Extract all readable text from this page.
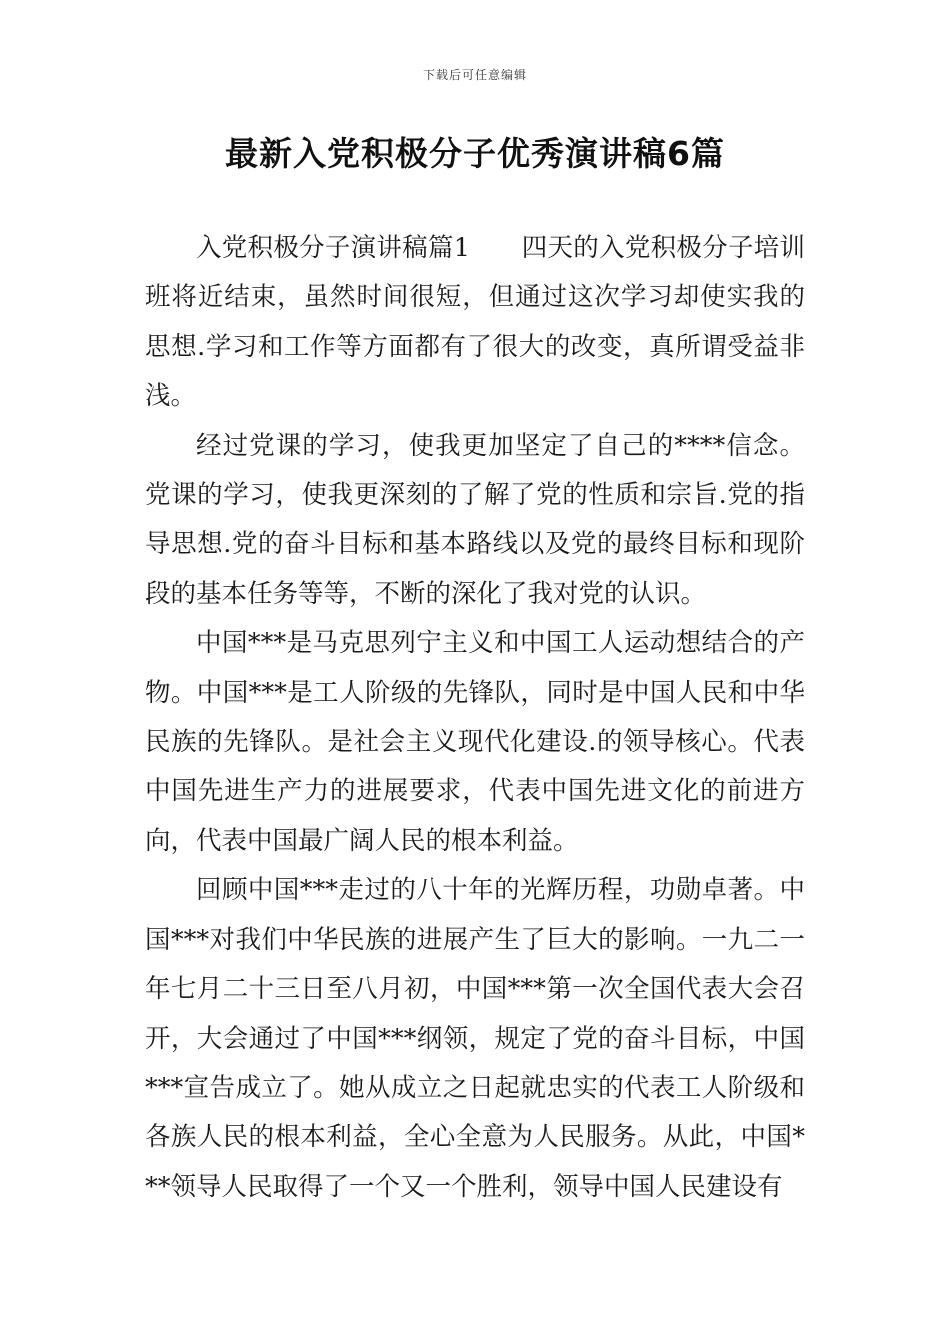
下载后可任意编辑
最新入党积极分子优秀演讲稿6篇

入党积极分子演讲稿篇1　　四天的入党积极分子培训班将近结束，虽然时间很短，但通过这次学习却使实我的思想.学习和工作等方面都有了很大的改变，真所谓受益非浅。

经过党课的学习，使我更加坚定了自己的****信念。党课的学习，使我更深刻的了解了党的性质和宗旨.党的指导思想.党的奋斗目标和基本路线以及党的最终目标和现阶段的基本任务等等，不断的深化了我对党的认识。

中国***是马克思列宁主义和中国工人运动想结合的产物。中国***是工人阶级的先锋队，同时是中国人民和中华民族的先锋队。是社会主义现代化建设.的领导核心。代表中国先进生产力的进展要求，代表中国先进文化的前进方向，代表中国最广阔人民的根本利益。

回顾中国***走过的八十年的光辉历程，功勋卓著。中国***对我们中华民族的进展产生了巨大的影响。一九二一年七月二十三日至八月初，中国***第一次全国代表大会召开，大会通过了中国***纲领，规定了党的奋斗目标，中国***宣告成立了。她从成立之日起就忠实的代表工人阶级和各族人民的根本利益，全心全意为人民服务。从此，中国***领导人民取得了一个又一个胜利，领导中国人民建设有
